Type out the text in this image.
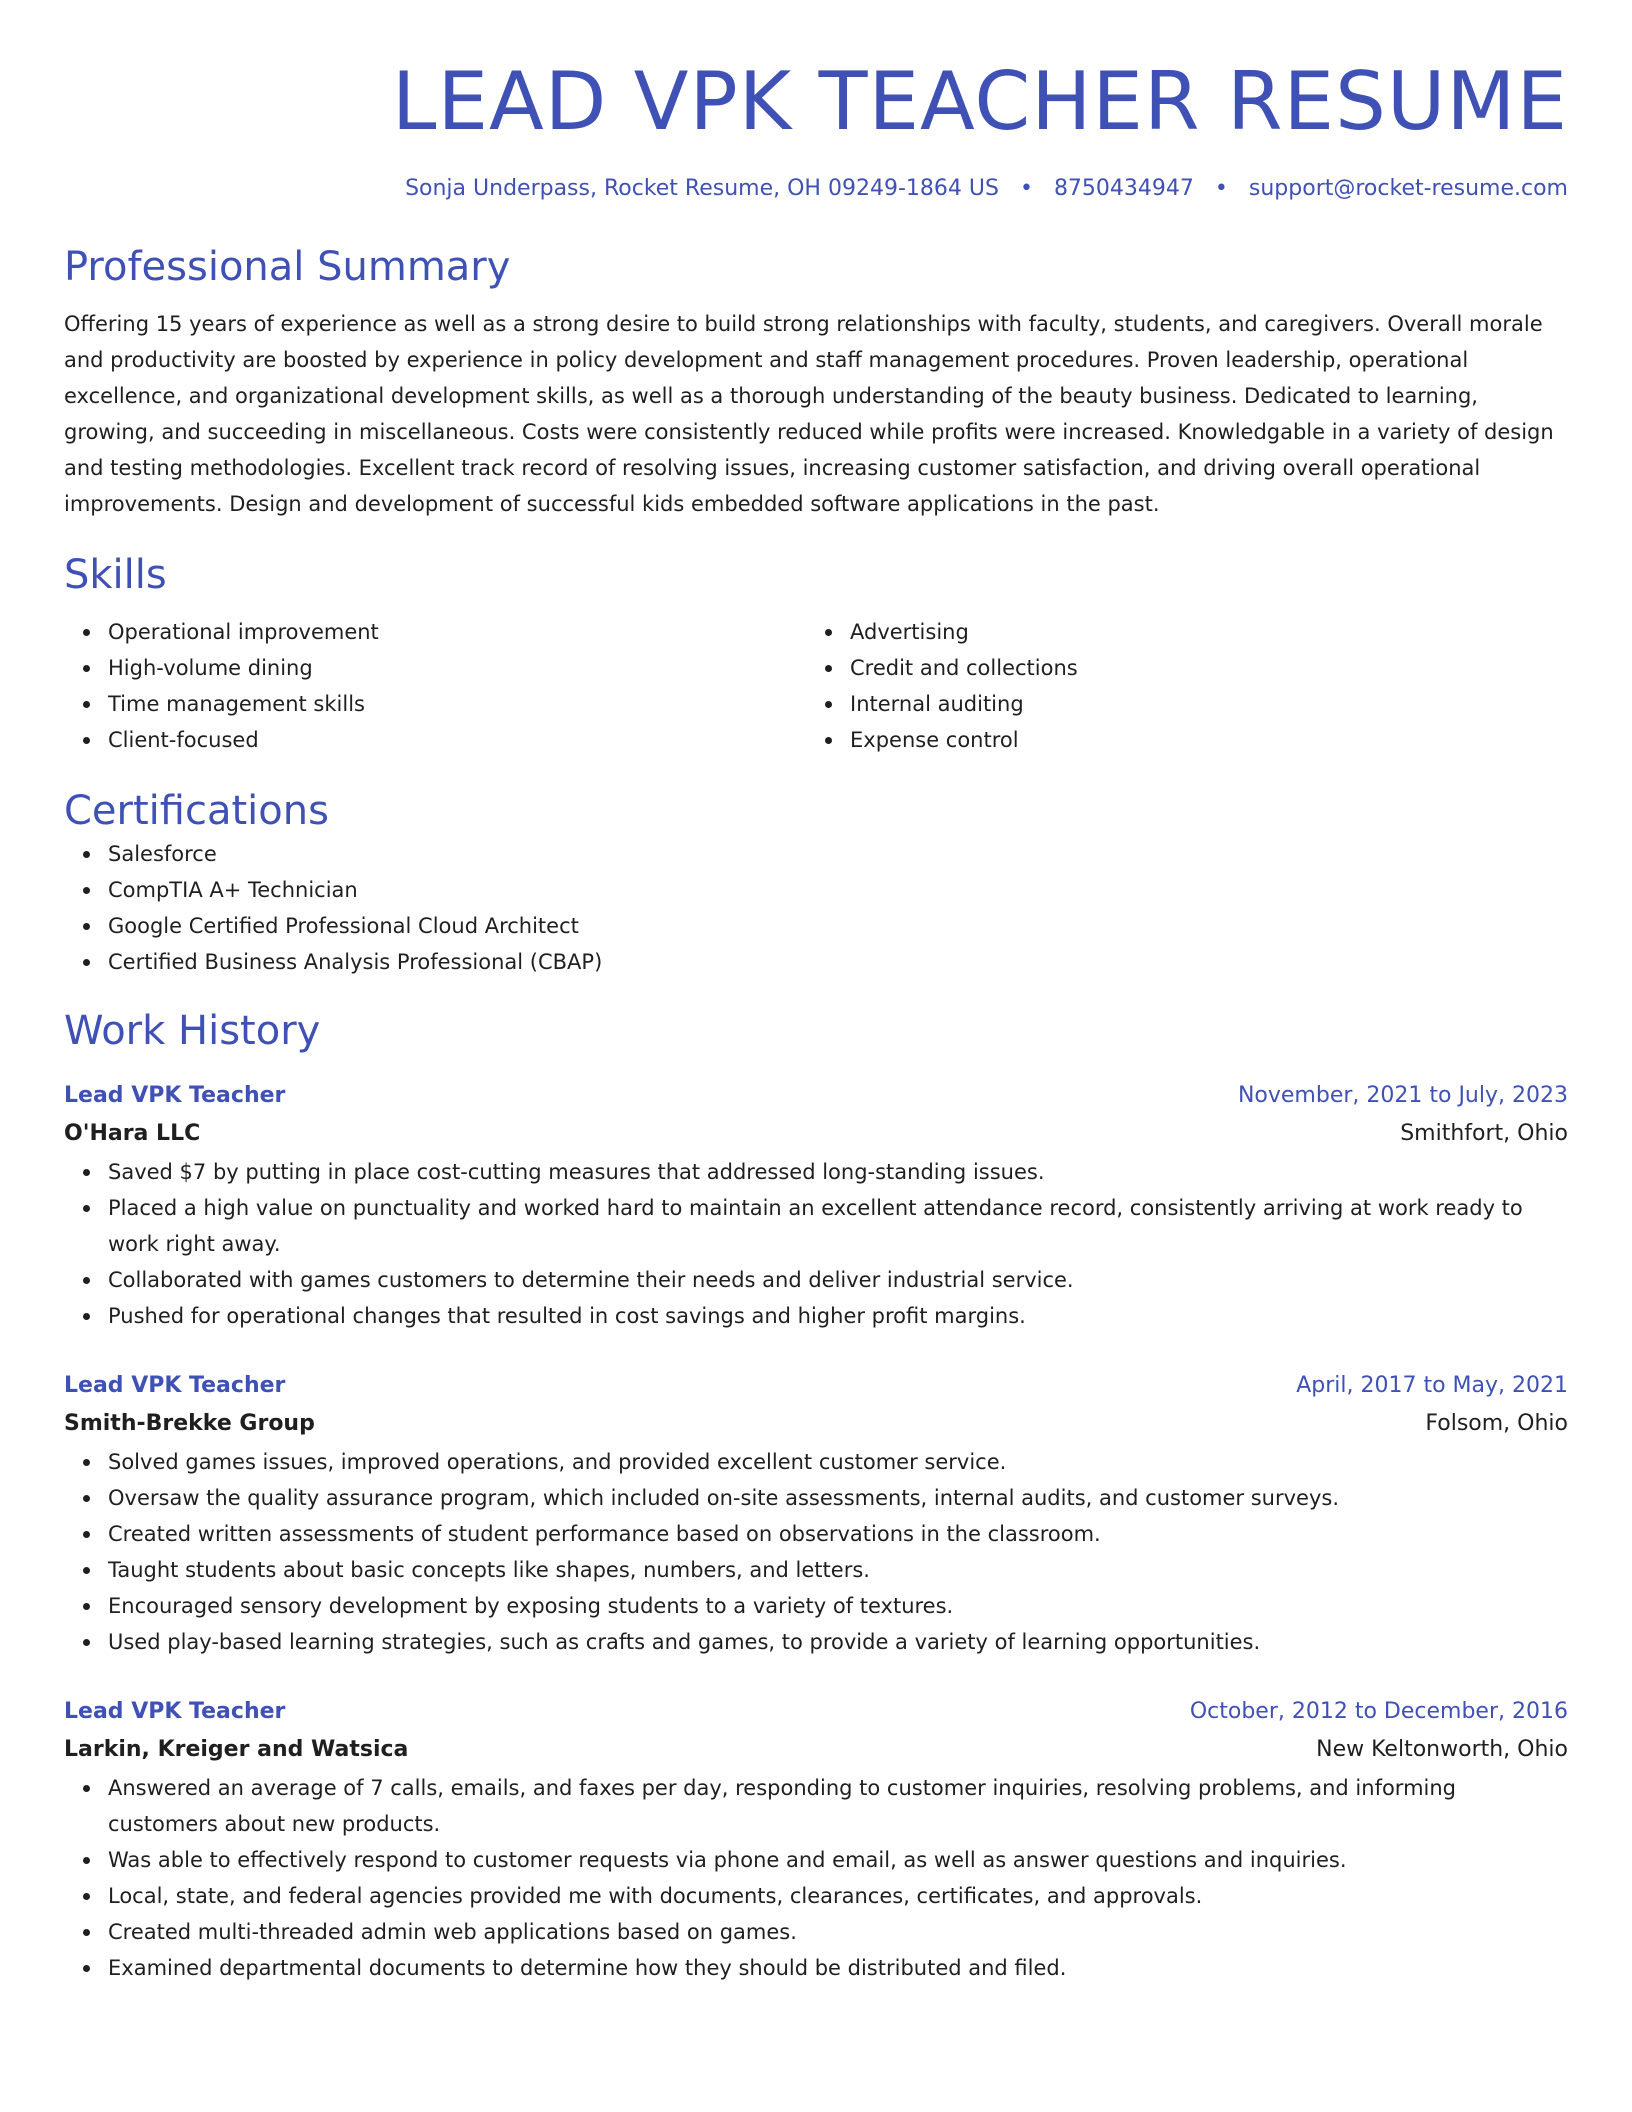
LEAD VPK TEACHER RESUME
Sonja Underpass, Rocket Resume, OH 09249-1864 US • 8750434947 • support@rocket-resume.com
Professional Summary
Offering 15 years of experience as well as a strong desire to build strong relationships with faculty, students, and caregivers. Overall morale and productivity are boosted by experience in policy development and staff management procedures. Proven leadership, operational excellence, and organizational development skills, as well as a thorough understanding of the beauty business. Dedicated to learning, growing, and succeeding in miscellaneous. Costs were consistently reduced while profits were increased. Knowledgable in a variety of design and testing methodologies. Excellent track record of resolving issues, increasing customer satisfaction, and driving overall operational improvements. Design and development of successful kids embedded software applications in the past.
Skills
Operational improvement
High-volume dining
Time management skills
Client-focused
Advertising
Credit and collections
Internal auditing
Expense control
Certifications
Salesforce
CompTIA A+ Technician
Google Certified Professional Cloud Architect
Certified Business Analysis Professional (CBAP)
Work History
Lead VPK Teacher	November, 2021 to July, 2023
O'Hara LLC	Smithfort, Ohio
Saved $7 by putting in place cost-cutting measures that addressed long-standing issues.
Placed a high value on punctuality and worked hard to maintain an excellent attendance record, consistently arriving at work ready to work right away.
Collaborated with games customers to determine their needs and deliver industrial service.
Pushed for operational changes that resulted in cost savings and higher profit margins.
Lead VPK Teacher	April, 2017 to May, 2021
Smith-Brekke Group	Folsom, Ohio
Solved games issues, improved operations, and provided excellent customer service.
Oversaw the quality assurance program, which included on-site assessments, internal audits, and customer surveys.
Created written assessments of student performance based on observations in the classroom.
Taught students about basic concepts like shapes, numbers, and letters.
Encouraged sensory development by exposing students to a variety of textures.
Used play-based learning strategies, such as crafts and games, to provide a variety of learning opportunities.
Lead VPK Teacher	October, 2012 to December, 2016
Larkin, Kreiger and Watsica	New Keltonworth, Ohio
Answered an average of 7 calls, emails, and faxes per day, responding to customer inquiries, resolving problems, and informing customers about new products.
Was able to effectively respond to customer requests via phone and email, as well as answer questions and inquiries.
Local, state, and federal agencies provided me with documents, clearances, certificates, and approvals.
Created multi-threaded admin web applications based on games.
Examined departmental documents to determine how they should be distributed and filed.
